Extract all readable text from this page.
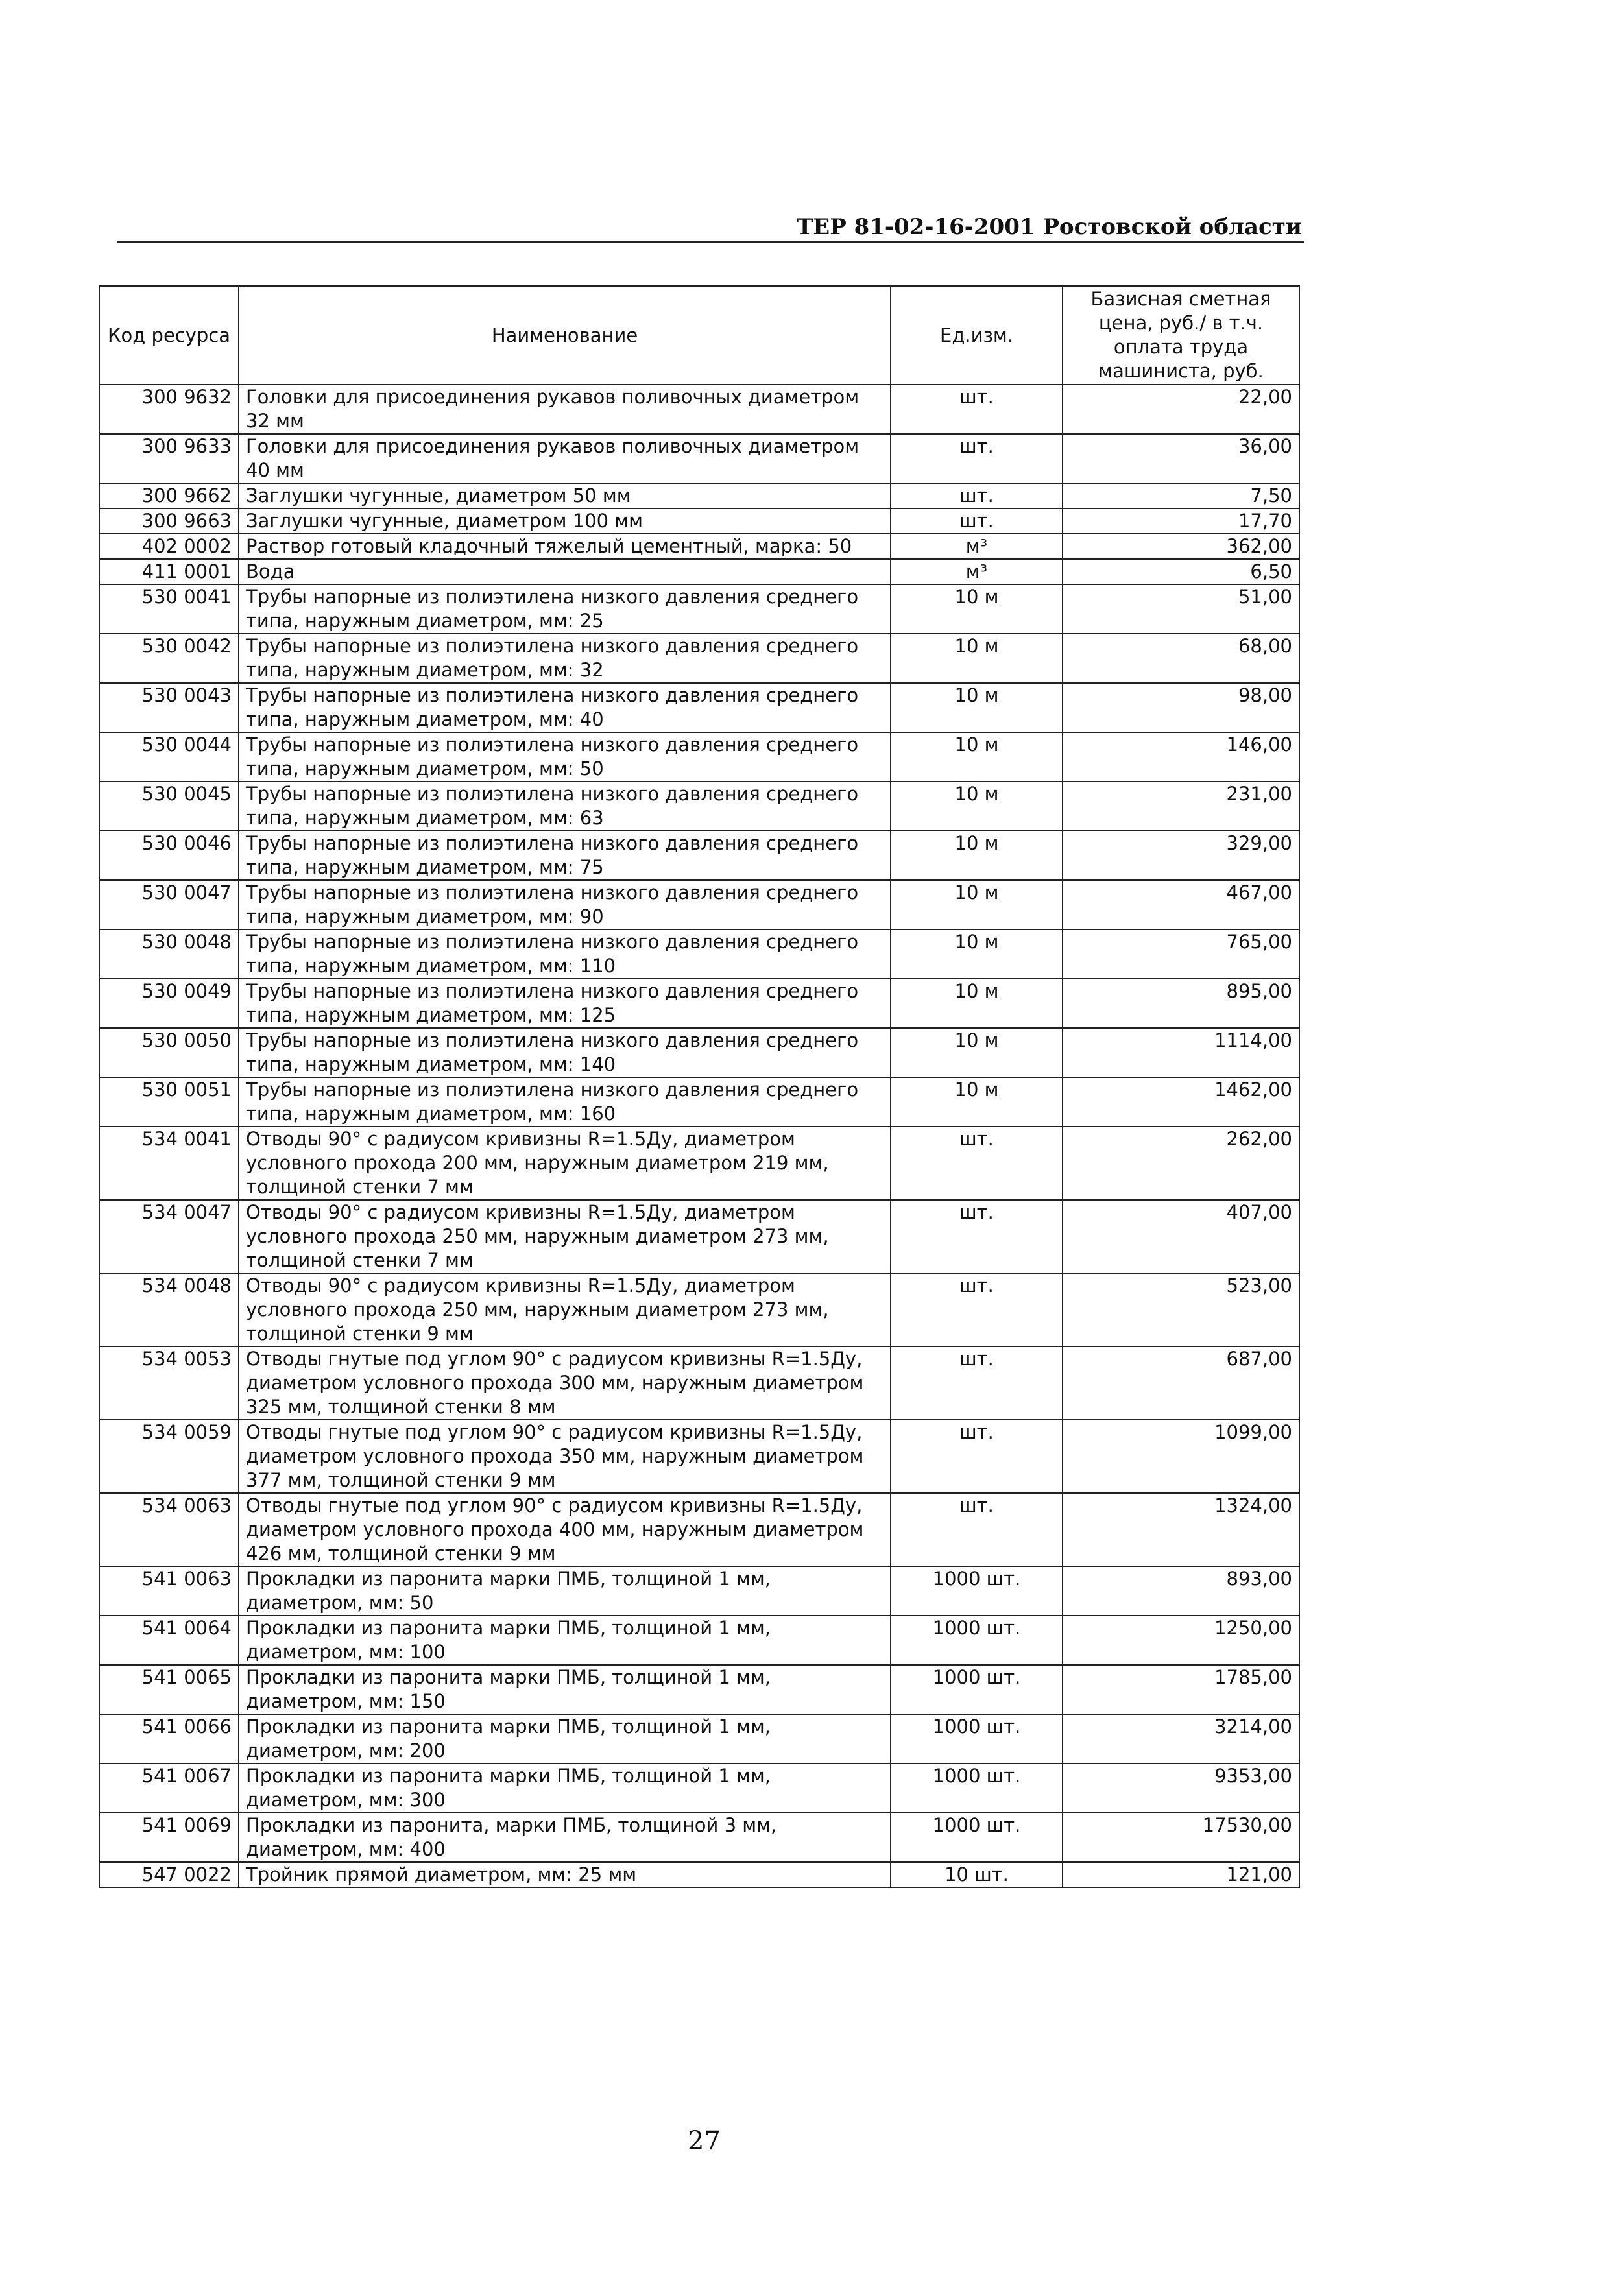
ТЕР 81-02-16-2001 Ростовской области
Код ресурса	Наименование	Ед.изм.	Базисная сметная цена, руб./ в т.ч. оплата труда машиниста, руб.
300 9632	Головки для присоединения рукавов поливочных диаметром 32 мм	шт.	22,00
300 9633	Головки для присоединения рукавов поливочных диаметром 40 мм	шт.	36,00
300 9662	Заглушки чугунные, диаметром 50 мм	шт.	7,50
300 9663	Заглушки чугунные, диаметром 100 мм	шт.	17,70
402 0002	Раствор готовый кладочный тяжелый цементный, марка: 50	м³	362,00
411 0001	Вода	м³	6,50
530 0041	Трубы напорные из полиэтилена низкого давления среднего типа, наружным диаметром, мм: 25	10 м	51,00
530 0042	Трубы напорные из полиэтилена низкого давления среднего типа, наружным диаметром, мм: 32	10 м	68,00
530 0043	Трубы напорные из полиэтилена низкого давления среднего типа, наружным диаметром, мм: 40	10 м	98,00
530 0044	Трубы напорные из полиэтилена низкого давления среднего типа, наружным диаметром, мм: 50	10 м	146,00
530 0045	Трубы напорные из полиэтилена низкого давления среднего типа, наружным диаметром, мм: 63	10 м	231,00
530 0046	Трубы напорные из полиэтилена низкого давления среднего типа, наружным диаметром, мм: 75	10 м	329,00
530 0047	Трубы напорные из полиэтилена низкого давления среднего типа, наружным диаметром, мм: 90	10 м	467,00
530 0048	Трубы напорные из полиэтилена низкого давления среднего типа, наружным диаметром, мм: 110	10 м	765,00
530 0049	Трубы напорные из полиэтилена низкого давления среднего типа, наружным диаметром, мм: 125	10 м	895,00
530 0050	Трубы напорные из полиэтилена низкого давления среднего типа, наружным диаметром, мм: 140	10 м	1114,00
530 0051	Трубы напорные из полиэтилена низкого давления среднего типа, наружным диаметром, мм: 160	10 м	1462,00
534 0041	Отводы 90° с радиусом кривизны R=1.5Ду, диаметром условного прохода 200 мм, наружным диаметром 219 мм, толщиной стенки 7 мм	шт.	262,00
534 0047	Отводы 90° с радиусом кривизны R=1.5Ду, диаметром условного прохода 250 мм, наружным диаметром 273 мм, толщиной стенки 7 мм	шт.	407,00
534 0048	Отводы 90° с радиусом кривизны R=1.5Ду, диаметром условного прохода 250 мм, наружным диаметром 273 мм, толщиной стенки 9 мм	шт.	523,00
534 0053	Отводы гнутые под углом 90° с радиусом кривизны R=1.5Ду, диаметром условного прохода 300 мм, наружным диаметром 325 мм, толщиной стенки 8 мм	шт.	687,00
534 0059	Отводы гнутые под углом 90° с радиусом кривизны R=1.5Ду, диаметром условного прохода 350 мм, наружным диаметром 377 мм, толщиной стенки 9 мм	шт.	1099,00
534 0063	Отводы гнутые под углом 90° с радиусом кривизны R=1.5Ду, диаметром условного прохода 400 мм, наружным диаметром 426 мм, толщиной стенки 9 мм	шт.	1324,00
541 0063	Прокладки из паронита марки ПМБ, толщиной 1 мм, диаметром, мм: 50	1000 шт.	893,00
541 0064	Прокладки из паронита марки ПМБ, толщиной 1 мм, диаметром, мм: 100	1000 шт.	1250,00
541 0065	Прокладки из паронита марки ПМБ, толщиной 1 мм, диаметром, мм: 150	1000 шт.	1785,00
541 0066	Прокладки из паронита марки ПМБ, толщиной 1 мм, диаметром, мм: 200	1000 шт.	3214,00
541 0067	Прокладки из паронита марки ПМБ, толщиной 1 мм, диаметром, мм: 300	1000 шт.	9353,00
541 0069	Прокладки из паронита, марки ПМБ, толщиной 3 мм, диаметром, мм: 400	1000 шт.	17530,00
547 0022	Тройник прямой диаметром, мм: 25 мм	10 шт.	121,00
27
